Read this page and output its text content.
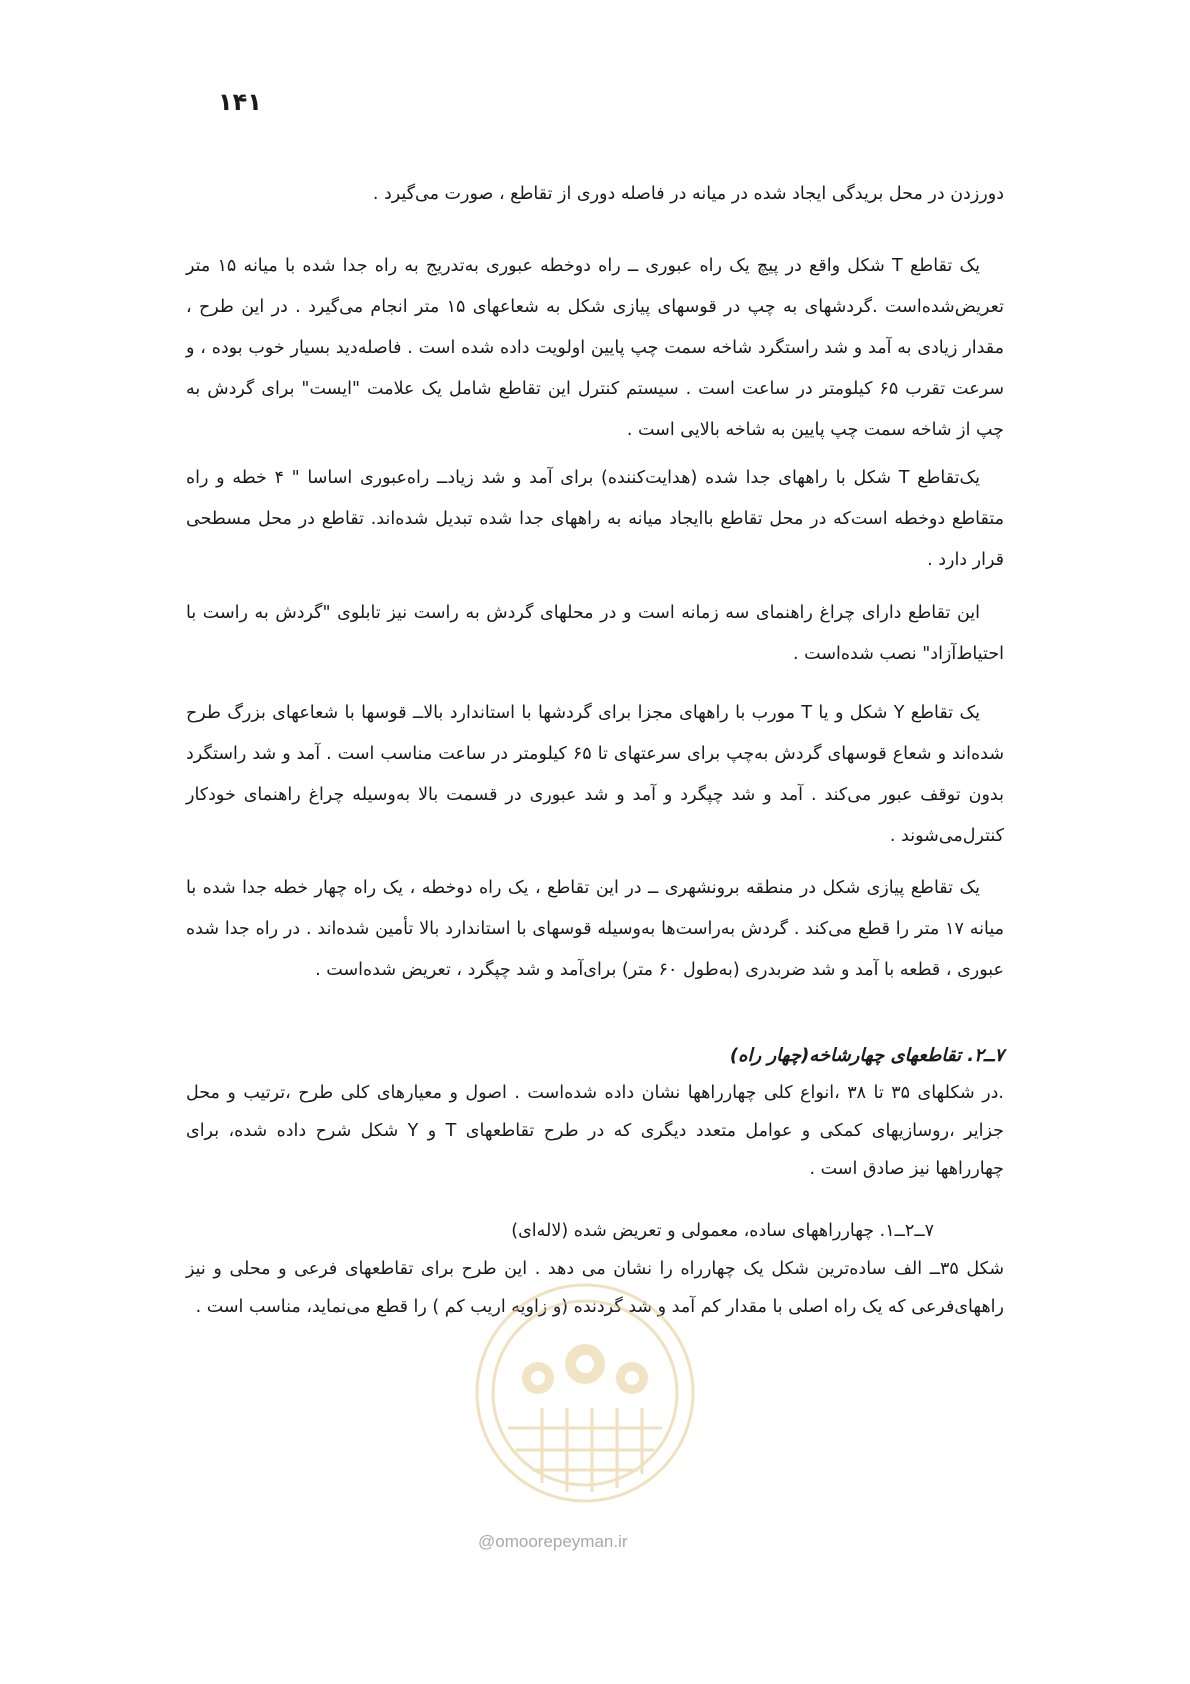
۱۴۱

دورزدن در محل بریدگی ایجاد شده در میانه در فاصله دوری از تقاطع ، صورت می‌گیرد .

یک تقاطع T شکل واقع در پیچ یک راه عبوری ــ راه دوخطه عبوری به‌تدریج به راه جدا شده با میانه ۱۵ متر تعریض‌شده‌است .گردشهای به چپ در قوسهای پیازی شکل به شعاعهای ۱۵ متر انجام می‌گیرد . در این طرح ، مقدار زیادی به آمد و شد راستگرد شاخه سمت چپ پایین اولویت داده شده است . فاصله‌دید بسیار خوب بوده ، و سرعت تقرب ۶۵ کیلومتر در ساعت است . سیستم کنترل این تقاطع شامل یک علامت "ایست" برای گردش به چپ از شاخه سمت چپ پایین به شاخه بالایی است .

یک‌تقاطع T شکل با راههای جدا شده (هدایت‌کننده) برای آمد و شد زیادــ راه‌عبوری اساسا " ۴ خطه و راه متقاطع دوخطه است‌که در محل تقاطع باایجاد میانه به راههای جدا شده تبدیل شده‌اند. تقاطع در محل مسطحی قرار دارد .

این تقاطع دارای چراغ راهنمای سه زمانه است و در محلهای گردش به راست نیز تابلوی "گردش به راست با احتیاط‌آزاد" نصب شده‌است .

یک تقاطع Y شکل و یا T مورب با راههای مجزا برای گردشها با استاندارد بالاــ قوسها با شعاعهای بزرگ طرح شده‌اند و شعاع قوسهای گردش به‌چپ برای سرعتهای تا ۶۵ کیلومتر در ساعت مناسب است . آمد و شد راستگرد بدون توقف عبور می‌کند . آمد و شد چپگرد و آمد و شد عبوری در قسمت بالا به‌وسیله چراغ راهنمای خودکار کنترل‌می‌شوند .

یک تقاطع پیازی شکل در منطقه برونشهری ــ در این تقاطع ، یک راه دوخطه ، یک راه چهار خطه جدا شده با میانه ۱۷ متر را قطع می‌کند . گردش به‌راست‌ها به‌وسیله قوسهای با استاندارد بالا تأمین شده‌اند . در راه جدا شده عبوری ، قطعه با آمد و شد ضربدری (به‌طول ۶۰ متر) برای‌آمد و شد چپگرد ، تعریض شده‌است .

۷ــ۲. تقاطعهای چهارشاخه(چهار راه)

.در شکلهای ۳۵ تا ۳۸ ،انواع کلی چهارراهها نشان داده شده‌است . اصول و معیارهای کلی طرح ،ترتیب و محل جزایر ،روسازیهای کمکی و عوامل متعدد دیگری که در طرح تقاطعهای T و Y شکل شرح داده شده، برای چهارراهها نیز صادق است .

۷ــ۲ــ۱. چهارراههای ساده، معمولی و تعریض شده (لاله‌ای)

شکل ۳۵ــ الف ساده‌ترین شکل یک چهارراه را نشان می دهد . این طرح برای تقاطعهای فرعی و محلی و نیز راههای‌فرعی که یک راه اصلی با مقدار کم آمد و شد گردنده (و زاویه اریب کم ) را قطع می‌نماید، مناسب است .

@omoorepeyman.ir
